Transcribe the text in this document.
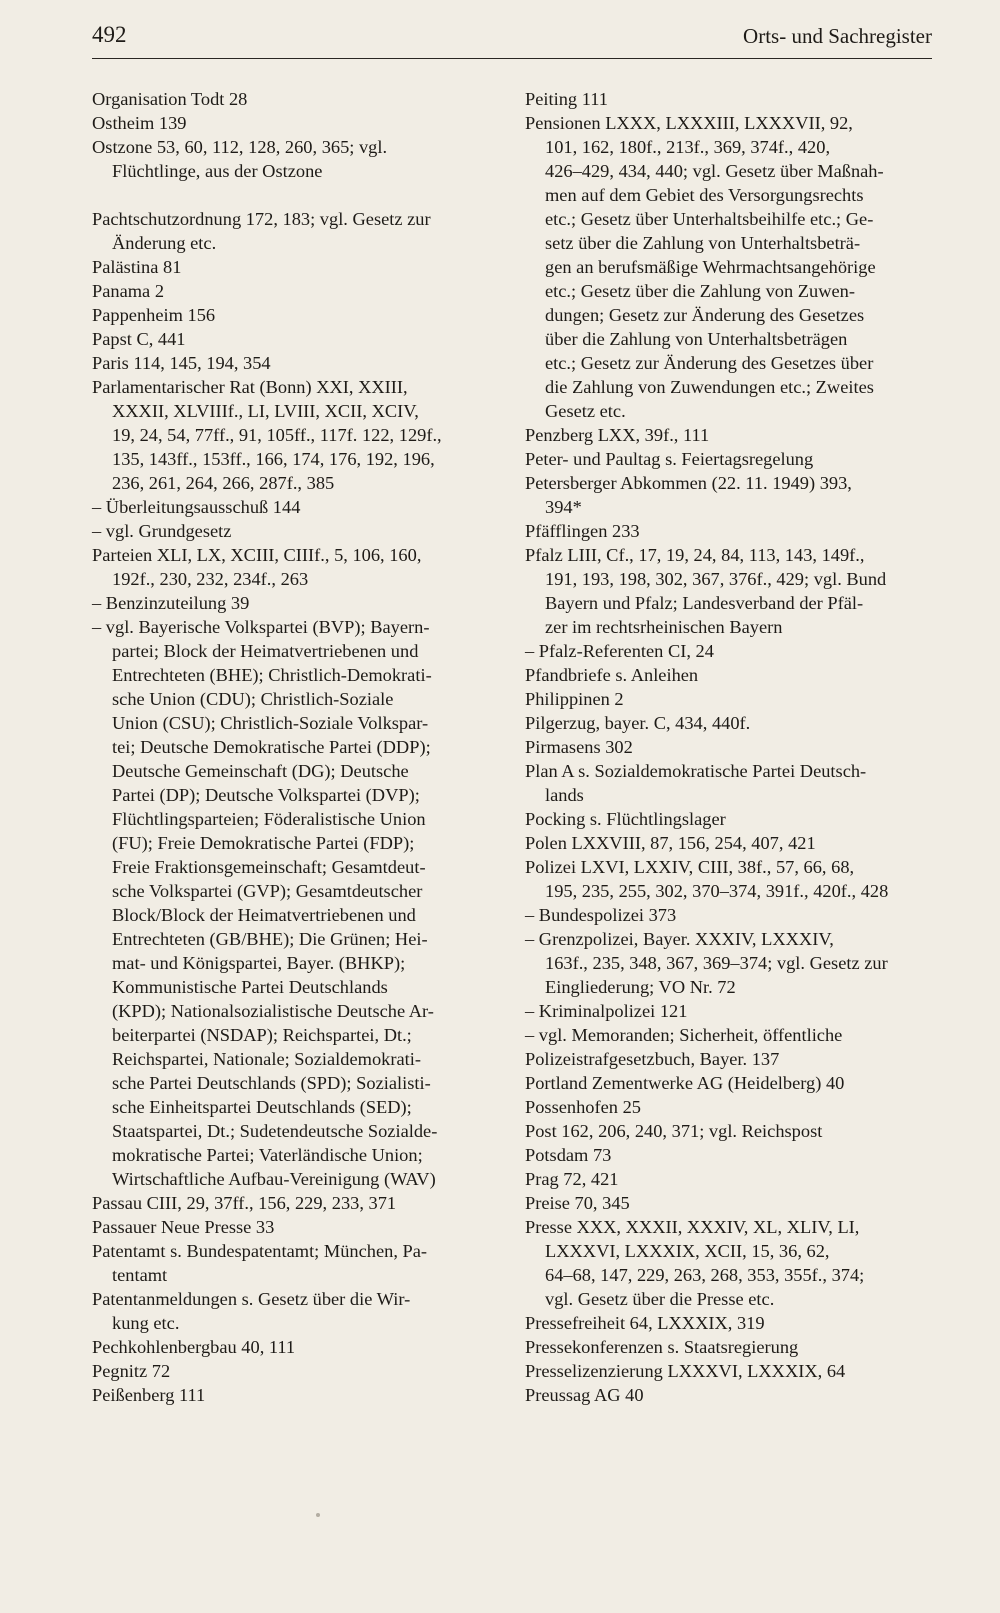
492	Orts- und Sachregister
Organisation Todt 28
Ostheim 139
Ostzone 53, 60, 112, 128, 260, 365; vgl.
Flüchtlinge, aus der Ostzone
Pachtschutzordnung 172, 183; vgl. Gesetz zur
Änderung etc.
Palästina 81
Panama 2
Pappenheim 156
Papst C, 441
Paris 114, 145, 194, 354
Parlamentarischer Rat (Bonn) XXI, XXIII,
XXXII, XLVIIIf., LI, LVIII, XCII, XCIV,
19, 24, 54, 77ff., 91, 105ff., 117f. 122, 129f.,
135, 143ff., 153ff., 166, 174, 176, 192, 196,
236, 261, 264, 266, 287f., 385
– Überleitungsausschuß 144
– vgl. Grundgesetz
Parteien XLI, LX, XCIII, CIIIf., 5, 106, 160,
192f., 230, 232, 234f., 263
– Benzinzuteilung 39
– vgl. Bayerische Volkspartei (BVP); Bayern-
partei; Block der Heimatvertriebenen und
Entrechteten (BHE); Christlich-Demokrati-
sche Union (CDU); Christlich-Soziale
Union (CSU); Christlich-Soziale Volkspar-
tei; Deutsche Demokratische Partei (DDP);
Deutsche Gemeinschaft (DG); Deutsche
Partei (DP); Deutsche Volkspartei (DVP);
Flüchtlingsparteien; Föderalistische Union
(FU); Freie Demokratische Partei (FDP);
Freie Fraktionsgemeinschaft; Gesamtdeut-
sche Volkspartei (GVP); Gesamtdeutscher
Block/Block der Heimatvertriebenen und
Entrechteten (GB/BHE); Die Grünen; Hei-
mat- und Königspartei, Bayer. (BHKP);
Kommunistische Partei Deutschlands
(KPD); Nationalsozialistische Deutsche Ar-
beiterpartei (NSDAP); Reichspartei, Dt.;
Reichspartei, Nationale; Sozialdemokrati-
sche Partei Deutschlands (SPD); Sozialisti-
sche Einheitspartei Deutschlands (SED);
Staatspartei, Dt.; Sudetendeutsche Sozialde-
mokratische Partei; Vaterländische Union;
Wirtschaftliche Aufbau-Vereinigung (WAV)
Passau CIII, 29, 37ff., 156, 229, 233, 371
Passauer Neue Presse 33
Patentamt s. Bundespatentamt; München, Pa-
tentamt
Patentanmeldungen s. Gesetz über die Wir-
kung etc.
Pechkohlenbergbau 40, 111
Pegnitz 72
Peißenberg 111
Peiting 111
Pensionen LXXX, LXXXIII, LXXXVII, 92,
101, 162, 180f., 213f., 369, 374f., 420,
426–429, 434, 440; vgl. Gesetz über Maßnah-
men auf dem Gebiet des Versorgungsrechts
etc.; Gesetz über Unterhaltsbeihilfe etc.; Ge-
setz über die Zahlung von Unterhaltsbeträ-
gen an berufsmäßige Wehrmachtsangehörige
etc.; Gesetz über die Zahlung von Zuwen-
dungen; Gesetz zur Änderung des Gesetzes
über die Zahlung von Unterhaltsbeträgen
etc.; Gesetz zur Änderung des Gesetzes über
die Zahlung von Zuwendungen etc.; Zweites
Gesetz etc.
Penzberg LXX, 39f., 111
Peter- und Paultag s. Feiertagsregelung
Petersberger Abkommen (22. 11. 1949) 393,
394*
Pfäfflingen 233
Pfalz LIII, Cf., 17, 19, 24, 84, 113, 143, 149f.,
191, 193, 198, 302, 367, 376f., 429; vgl. Bund
Bayern und Pfalz; Landesverband der Pfäl-
zer im rechtsrheinischen Bayern
– Pfalz-Referenten CI, 24
Pfandbriefe s. Anleihen
Philippinen 2
Pilgerzug, bayer. C, 434, 440f.
Pirmasens 302
Plan A s. Sozialdemokratische Partei Deutsch-
lands
Pocking s. Flüchtlingslager
Polen LXXVIII, 87, 156, 254, 407, 421
Polizei LXVI, LXXIV, CIII, 38f., 57, 66, 68,
195, 235, 255, 302, 370–374, 391f., 420f., 428
– Bundespolizei 373
– Grenzpolizei, Bayer. XXXIV, LXXXIV,
163f., 235, 348, 367, 369–374; vgl. Gesetz zur
Eingliederung; VO Nr. 72
– Kriminalpolizei 121
– vgl. Memoranden; Sicherheit, öffentliche
Polizeistrafgesetzbuch, Bayer. 137
Portland Zementwerke AG (Heidelberg) 40
Possenhofen 25
Post 162, 206, 240, 371; vgl. Reichspost
Potsdam 73
Prag 72, 421
Preise 70, 345
Presse XXX, XXXII, XXXIV, XL, XLIV, LI,
LXXXVI, LXXXIX, XCII, 15, 36, 62,
64–68, 147, 229, 263, 268, 353, 355f., 374;
vgl. Gesetz über die Presse etc.
Pressefreiheit 64, LXXXIX, 319
Pressekonferenzen s. Staatsregierung
Presselizenzierung LXXXVI, LXXXIX, 64
Preussag AG 40
